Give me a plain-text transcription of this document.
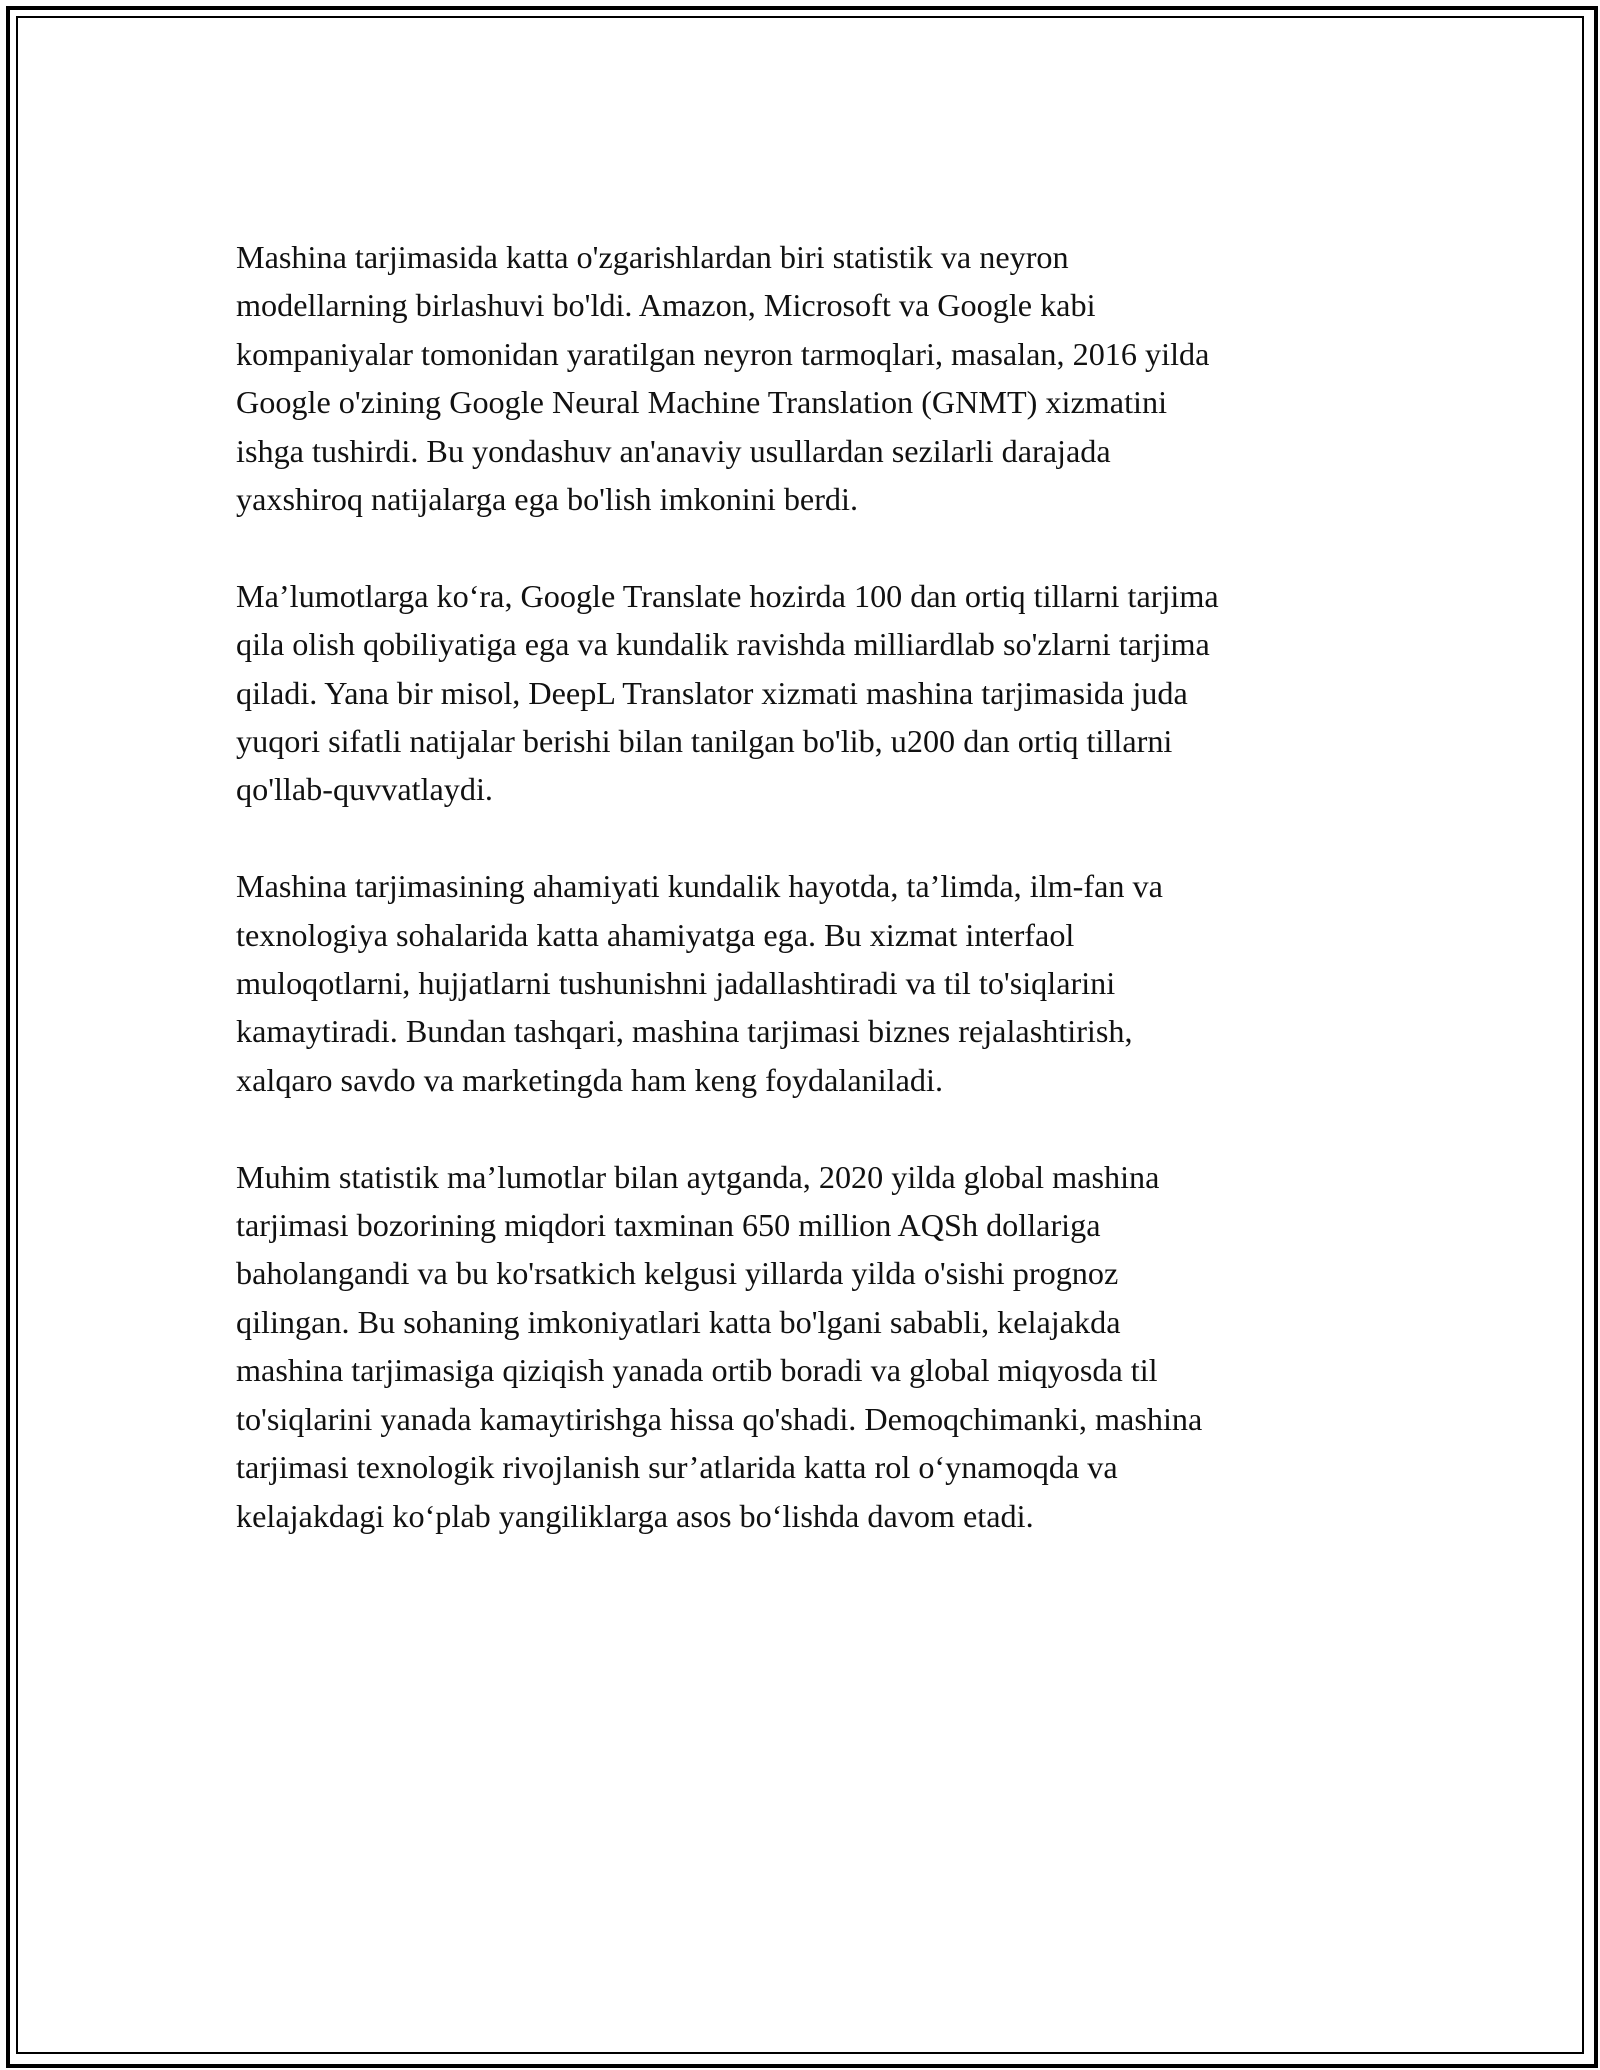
Mashina tarjimasida katta o'zgarishlardan biri statistik va neyron
modellarning birlashuvi bo'ldi. Amazon, Microsoft va Google kabi
kompaniyalar tomonidan yaratilgan neyron tarmoqlari, masalan, 2016 yilda
Google o'zining Google Neural Machine Translation (GNMT) xizmatini
ishga tushirdi. Bu yondashuv an'anaviy usullardan sezilarli darajada
yaxshiroq natijalarga ega bo'lish imkonini berdi.

Ma’lumotlarga ko‘ra, Google Translate hozirda 100 dan ortiq tillarni tarjima
qila olish qobiliyatiga ega va kundalik ravishda milliardlab so'zlarni tarjima
qiladi. Yana bir misol, DeepL Translator xizmati mashina tarjimasida juda
yuqori sifatli natijalar berishi bilan tanilgan bo'lib, u200 dan ortiq tillarni
qo'llab-quvvatlaydi.

Mashina tarjimasining ahamiyati kundalik hayotda, ta’limda, ilm-fan va
texnologiya sohalarida katta ahamiyatga ega. Bu xizmat interfaol
muloqotlarni, hujjatlarni tushunishni jadallashtiradi va til to'siqlarini
kamaytiradi. Bundan tashqari, mashina tarjimasi biznes rejalashtirish,
xalqaro savdo va marketingda ham keng foydalaniladi.

Muhim statistik ma’lumotlar bilan aytganda, 2020 yilda global mashina
tarjimasi bozorining miqdori taxminan 650 million AQSh dollariga
baholangandi va bu ko'rsatkich kelgusi yillarda yilda o'sishi prognoz
qilingan. Bu sohaning imkoniyatlari katta bo'lgani sababli, kelajakda
mashina tarjimasiga qiziqish yanada ortib boradi va global miqyosda til
to'siqlarini yanada kamaytirishga hissa qo'shadi. Demoqchimanki, mashina
tarjimasi texnologik rivojlanish sur’atlarida katta rol o‘ynamoqda va
kelajakdagi ko‘plab yangiliklarga asos bo‘lishda davom etadi.
